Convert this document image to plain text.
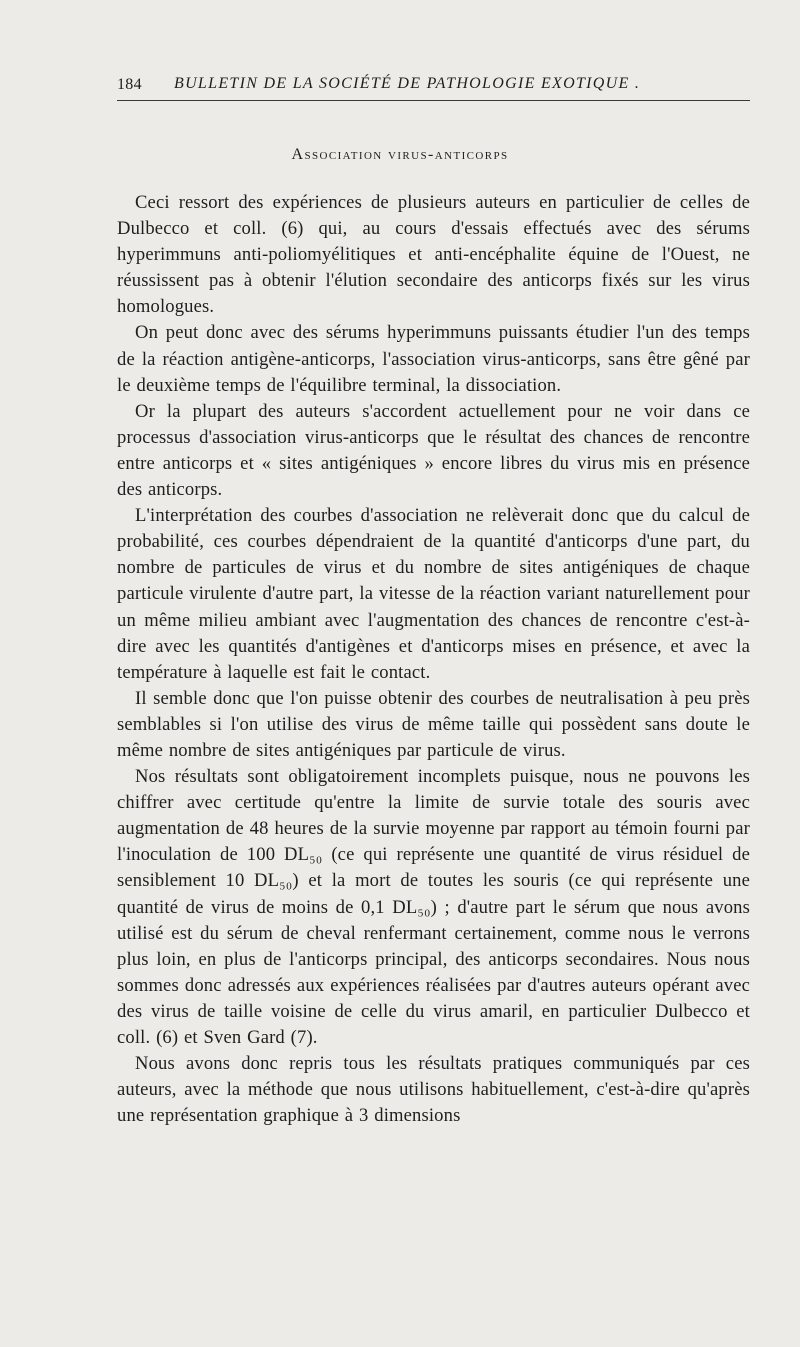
184 BULLETIN DE LA SOCIÉTÉ DE PATHOLOGIE EXOTIQUE .
Association virus-anticorps

Ceci ressort des expériences de plusieurs auteurs en particulier de celles de Dulbecco et coll. (6) qui, au cours d'essais effectués avec des sérums hyperimmuns anti-poliomyélitiques et anti-encéphalite équine de l'Ouest, ne réussissent pas à obtenir l'élution secondaire des anticorps fixés sur les virus homologues.

On peut donc avec des sérums hyperimmuns puissants étudier l'un des temps de la réaction antigène-anticorps, l'association virus-anticorps, sans être gêné par le deuxième temps de l'équilibre terminal, la dissociation.

Or la plupart des auteurs s'accordent actuellement pour ne voir dans ce processus d'association virus-anticorps que le résultat des chances de rencontre entre anticorps et « sites antigéniques » encore libres du virus mis en présence des anticorps.

L'interprétation des courbes d'association ne relèverait donc que du calcul de probabilité, ces courbes dépendraient de la quantité d'anticorps d'une part, du nombre de particules de virus et du nombre de sites antigéniques de chaque particule virulente d'autre part, la vitesse de la réaction variant naturellement pour un même milieu ambiant avec l'augmentation des chances de rencontre c'est-à-dire avec les quantités d'antigènes et d'anticorps mises en présence, et avec la température à laquelle est fait le contact.

Il semble donc que l'on puisse obtenir des courbes de neutralisation à peu près semblables si l'on utilise des virus de même taille qui possèdent sans doute le même nombre de sites antigéniques par particule de virus.

Nos résultats sont obligatoirement incomplets puisque, nous ne pouvons les chiffrer avec certitude qu'entre la limite de survie totale des souris avec augmentation de 48 heures de la survie moyenne par rapport au témoin fourni par l'inoculation de 100 DL₅₀ (ce qui représente une quantité de virus résiduel de sensiblement 10 DL₅₀) et la mort de toutes les souris (ce qui représente une quantité de virus de moins de 0,1 DL₅₀) ; d'autre part le sérum que nous avons utilisé est du sérum de cheval renfermant certainement, comme nous le verrons plus loin, en plus de l'anticorps principal, des anticorps secondaires. Nous nous sommes donc adressés aux expériences réalisées par d'autres auteurs opérant avec des virus de taille voisine de celle du virus amaril, en particulier Dulbecco et coll. (6) et Sven Gard (7).

Nous avons donc repris tous les résultats pratiques communiqués par ces auteurs, avec la méthode que nous utilisons habituellement, c'est-à-dire qu'après une représentation graphique à 3 dimensions
